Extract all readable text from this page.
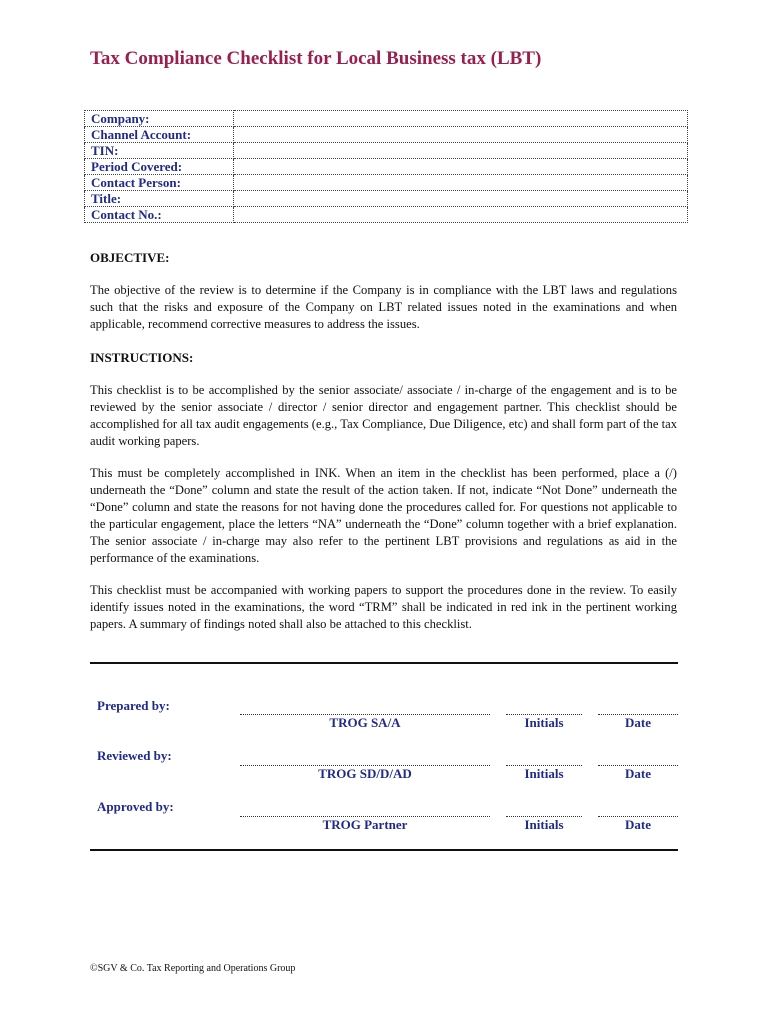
Tax Compliance Checklist for Local Business tax (LBT)
Company:	
Channel Account:	
TIN:	
Period Covered:	
Contact Person:	
Title:	
Contact No.:	
OBJECTIVE:
The objective of the review is to determine if the Company is in compliance with the LBT laws and regulations such that the risks and exposure of the Company on LBT related issues noted in the examinations and when applicable, recommend corrective measures to address the issues.
INSTRUCTIONS:
This checklist is to be accomplished by the senior associate/ associate / in-charge of the engagement and is to be reviewed by the senior associate / director / senior director and engagement partner. This checklist should be accomplished for all tax audit engagements (e.g., Tax Compliance, Due Diligence, etc) and shall form part of the tax audit working papers.
This must be completely accomplished in INK. When an item in the checklist has been performed, place a (/) underneath the “Done” column and state the result of the action taken. If not, indicate “Not Done” underneath the “Done” column and state the reasons for not having done the procedures called for. For questions not applicable to the particular engagement, place the letters “NA” underneath the “Done” column together with a brief explanation. The senior associate / in-charge may also refer to the pertinent LBT provisions and regulations as aid in the performance of the examinations.
This checklist must be accompanied with working papers to support the procedures done in the review. To easily identify issues noted in the examinations, the word “TRM” shall be indicated in red ink in the pertinent working papers. A summary of findings noted shall also be attached to this checklist.
Prepared by:
TROG SA/A	Initials	Date
Reviewed by:
TROG SD/D/AD	Initials	Date
Approved by:
TROG Partner	Initials	Date
©SGV & Co. Tax Reporting and Operations Group
